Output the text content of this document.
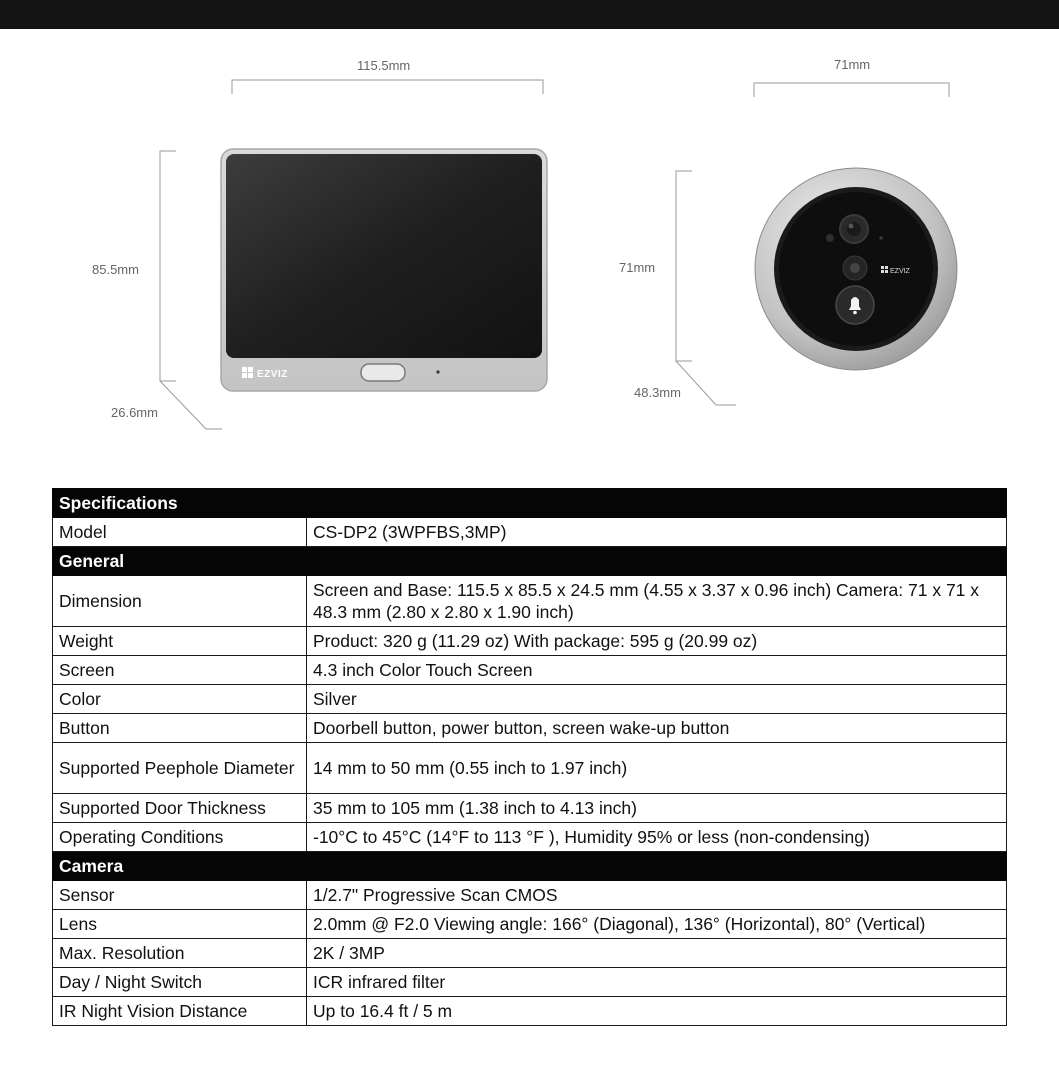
115.5mm
85.5mm
26.6mm
71mm
71mm
48.3mm
EZVIZ
EZVIZ
Specifications	
Model	CS-DP2 (3WPFBS,3MP)
General	
Dimension	Screen and Base: 115.5 x 85.5 x 24.5 mm (4.55 x 3.37 x 0.96 inch) Camera: 71 x 71 x 48.3 mm (2.80 x 2.80 x 1.90 inch)
Weight	Product: 320 g (11.29 oz) With package: 595 g (20.99 oz)
Screen	4.3 inch Color Touch Screen
Color	Silver
Button	Doorbell button, power button, screen wake-up button
Supported Peephole Diameter	14 mm to 50 mm (0.55 inch to 1.97 inch)
Supported Door Thickness	35 mm to 105 mm (1.38 inch to 4.13 inch)
Operating Conditions	-10°C to 45°C (14°F to 113 °F ), Humidity 95% or less (non-condensing)
Camera	
Sensor	1/2.7" Progressive Scan CMOS
Lens	2.0mm @ F2.0 Viewing angle: 166° (Diagonal), 136° (Horizontal), 80° (Vertical)
Max. Resolution	2K / 3MP
Day / Night Switch	ICR infrared filter
IR Night Vision Distance	Up to 16.4 ft / 5 m
